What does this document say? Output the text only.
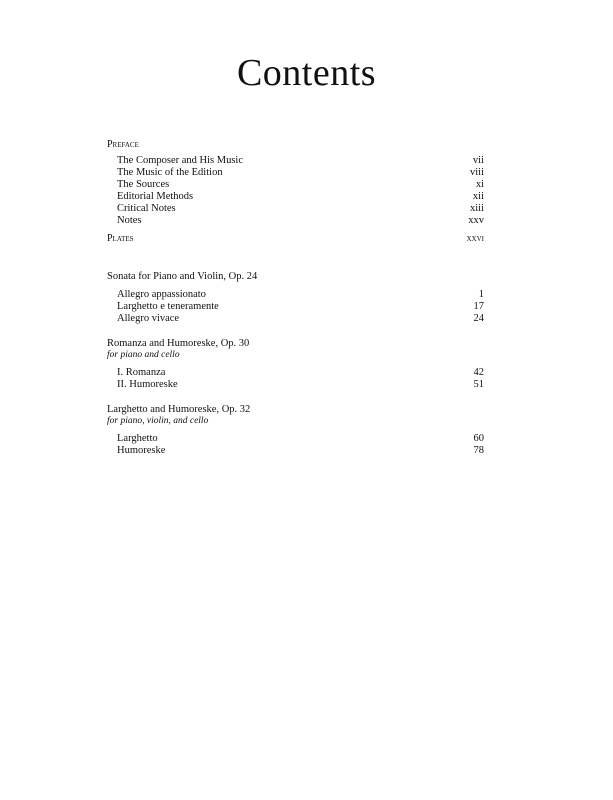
Contents
Preface
The Composer and His Music	vii
The Music of the Edition	viii
The Sources	xi
Editorial Methods	xii
Critical Notes	xiii
Notes	xxv
Plates	xxvi
Sonata for Piano and Violin, Op. 24
Allegro appassionato	1
Larghetto e teneramente	17
Allegro vivace	24
Romanza and Humoreske, Op. 30
for piano and cello
I. Romanza	42
II. Humoreske	51
Larghetto and Humoreske, Op. 32
for piano, violin, and cello
Larghetto	60
Humoreske	78
